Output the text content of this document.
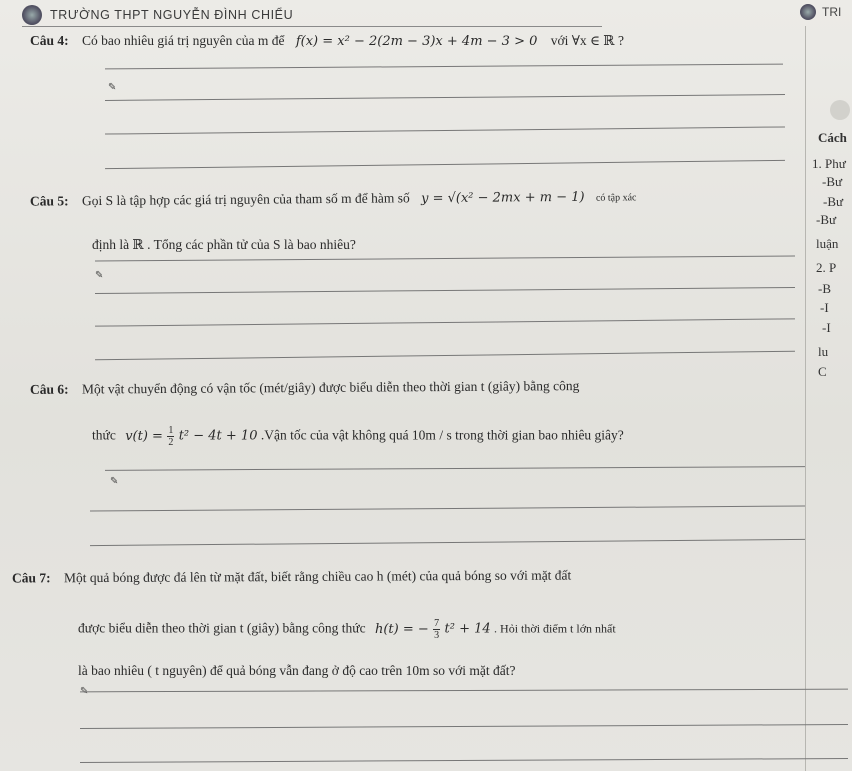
TRƯỜNG THPT NGUYỄN ĐÌNH CHIỂU	TRI
Câu 4: Có bao nhiêu giá trị nguyên của m để f(x) = x² − 2(2m − 3)x + 4m − 3 > 0 với ∀x ∈ ℝ ?
✎
Câu 5: Gọi S là tập hợp các giá trị nguyên của tham số m để hàm số y = √(x² − 2mx + m − 1) có tập xác
định là ℝ . Tổng các phần tử của S là bao nhiêu?
✎
Câu 6: Một vật chuyển động có vận tốc (mét/giây) được biểu diễn theo thời gian t (giây) bằng công
thức $v(t) = \frac{1}{2} t^2 - 4t + 10$ .Vận tốc của vật không quá 10m / s trong thời gian bao nhiêu giây?
✎
Câu 7: Một quả bóng được đá lên từ mặt đất, biết rằng chiều cao h (mét) của quả bóng so với mặt đất
được biểu diễn theo thời gian t (giây) bằng công thức h(t) = − $\frac{7}{3} t^2 + 14$ . Hỏi thời điểm t lớn nhất
là bao nhiêu ( t nguyên) để quả bóng vẫn đang ở độ cao trên 10m so với mặt đất?
Cách
1. Phư
-Bư
-Bư
-Bư
luận
2. P
-B
-I
-I
lu
C
